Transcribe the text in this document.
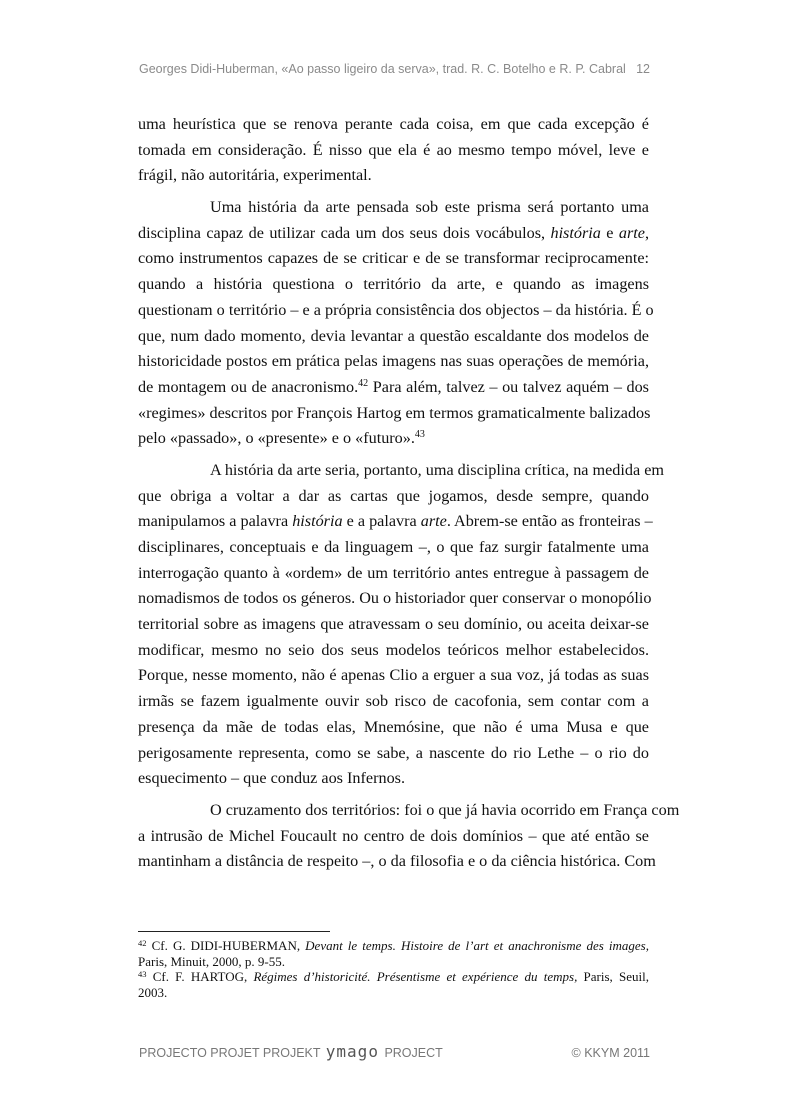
Georges Didi-Huberman, «Ao passo ligeiro da serva», trad. R. C. Botelho e R. P. Cabral 12
uma heurística que se renova perante cada coisa, em que cada excepção é
tomada em consideração. É nisso que ela é ao mesmo tempo móvel, leve e
frágil, não autoritária, experimental.
Uma história da arte pensada sob este prisma será portanto uma
disciplina capaz de utilizar cada um dos seus dois vocábulos, história e arte,
como instrumentos capazes de se criticar e de se transformar reciprocamente:
quando a história questiona o território da arte, e quando as imagens
questionam o território – e a própria consistência dos objectos – da história. É o
que, num dado momento, devia levantar a questão escaldante dos modelos de
historicidade postos em prática pelas imagens nas suas operações de memória,
de montagem ou de anacronismo.$^{42}$ Para além, talvez – ou talvez aquém – dos
«regimes» descritos por François Hartog em termos gramaticalmente balizados
pelo «passado», o «presente» e o «futuro».$^{43}$
A história da arte seria, portanto, uma disciplina crítica, na medida em
que obriga a voltar a dar as cartas que jogamos, desde sempre, quando
manipulamos a palavra história e a palavra arte. Abrem-se então as fronteiras –
disciplinares, conceptuais e da linguagem –, o que faz surgir fatalmente uma
interrogação quanto à «ordem» de um território antes entregue à passagem de
nomadismos de todos os géneros. Ou o historiador quer conservar o monopólio
territorial sobre as imagens que atravessam o seu domínio, ou aceita deixar-se
modificar, mesmo no seio dos seus modelos teóricos melhor estabelecidos.
Porque, nesse momento, não é apenas Clio a erguer a sua voz, já todas as suas
irmãs se fazem igualmente ouvir sob risco de cacofonia, sem contar com a
presença da mãe de todas elas, Mnemósine, que não é uma Musa e que
perigosamente representa, como se sabe, a nascente do rio Lethe – o rio do
esquecimento – que conduz aos Infernos.
O cruzamento dos territórios: foi o que já havia ocorrido em França com
a intrusão de Michel Foucault no centro de dois domínios – que até então se
mantinham a distância de respeito –, o da filosofia e o da ciência histórica. Com
$^{42}$ Cf. G. DIDI-HUBERMAN, Devant le temps. Histoire de l’art et anachronisme des images,
Paris, Minuit, 2000, p. 9-55.
$^{43}$ Cf. F. HARTOG, Régimes d’historicité. Présentisme et expérience du temps, Paris, Seuil,
2003.
PROJECTO PROJET PROJEKT ymago PROJECT	© KKYM 2011
